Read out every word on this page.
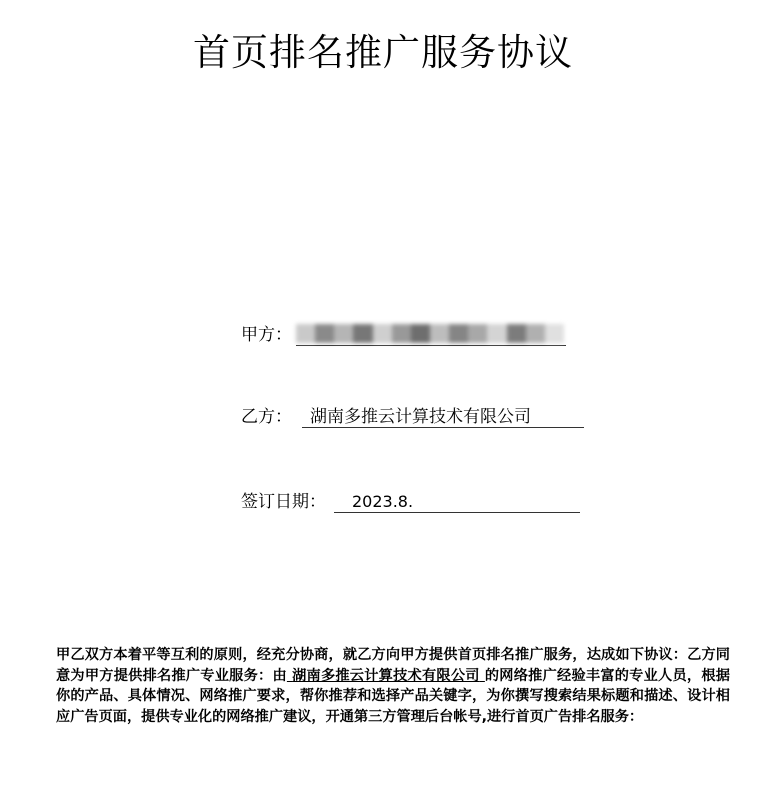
首页排名推广服务协议
甲方：
乙方：	湖南多推云计算技术有限公司
签订日期：	2023.8.
甲乙双方本着平等互利的原则，经充分协商，就乙方向甲方提供首页排名推广服务，达成如下协议：乙方同意为甲方提供排名推广专业服务：由 湖南多推云计算技术有限公司 的网络推广经验丰富的专业人员，根据你的产品、具体情况、网络推广要求，帮你推荐和选择产品关键字，为你撰写搜索结果标题和描述、设计相应广告页面，提供专业化的网络推广建议，开通第三方管理后台帐号,进行首页广告排名服务：
